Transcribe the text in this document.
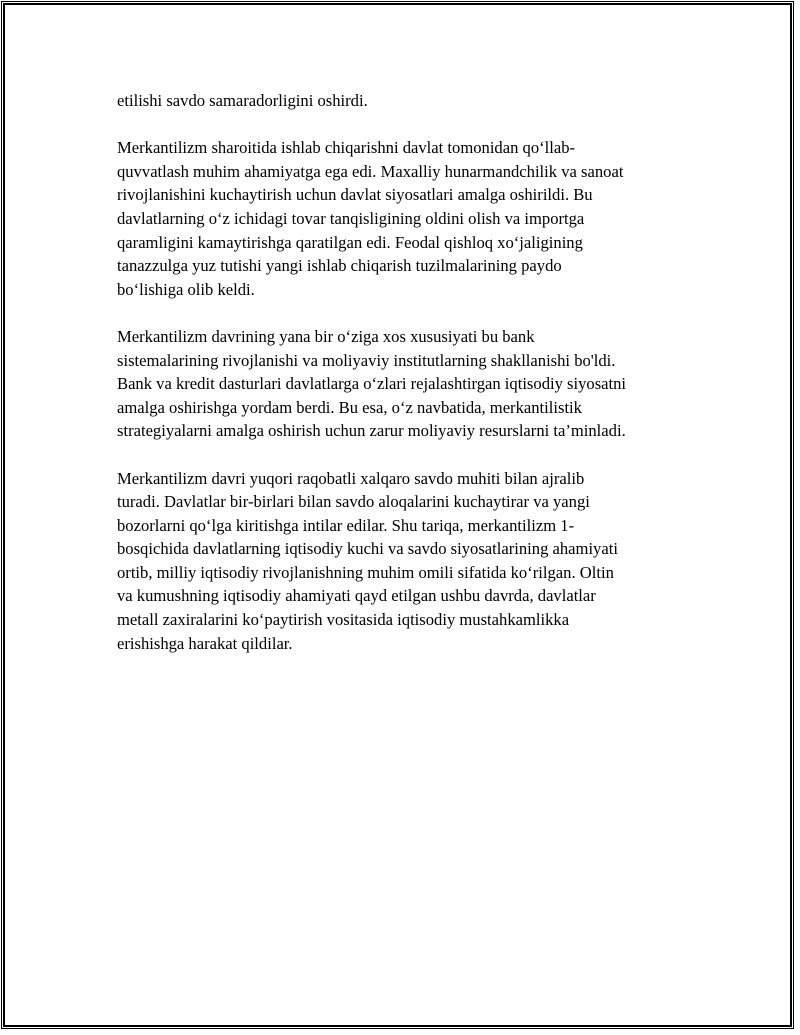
etilishi savdo samaradorligini oshirdi.

Merkantilizm sharoitida ishlab chiqarishni davlat tomonidan qo‘llab-
quvvatlash muhim ahamiyatga ega edi. Maxalliy hunarmandchilik va sanoat
rivojlanishini kuchaytirish uchun davlat siyosatlari amalga oshirildi. Bu
davlatlarning o‘z ichidagi tovar tanqisligining oldini olish va importga
qaramligini kamaytirishga qaratilgan edi. Feodal qishloq xo‘jaligining
tanazzulga yuz tutishi yangi ishlab chiqarish tuzilmalarining paydo
bo‘lishiga olib keldi.

Merkantilizm davrining yana bir o‘ziga xos xususiyati bu bank
sistemalarining rivojlanishi va moliyaviy institutlarning shakllanishi bo'ldi.
Bank va kredit dasturlari davlatlarga o‘zlari rejalashtirgan iqtisodiy siyosatni
amalga oshirishga yordam berdi. Bu esa, o‘z navbatida, merkantilistik
strategiyalarni amalga oshirish uchun zarur moliyaviy resurslarni ta’minladi.

Merkantilizm davri yuqori raqobatli xalqaro savdo muhiti bilan ajralib
turadi. Davlatlar bir-birlari bilan savdo aloqalarini kuchaytirar va yangi
bozorlarni qo‘lga kiritishga intilar edilar. Shu tariqa, merkantilizm 1-
bosqichida davlatlarning iqtisodiy kuchi va savdo siyosatlarining ahamiyati
ortib, milliy iqtisodiy rivojlanishning muhim omili sifatida ko‘rilgan. Oltin
va kumushning iqtisodiy ahamiyati qayd etilgan ushbu davrda, davlatlar
metall zaxiralarini ko‘paytirish vositasida iqtisodiy mustahkamlikka
erishishga harakat qildilar.
